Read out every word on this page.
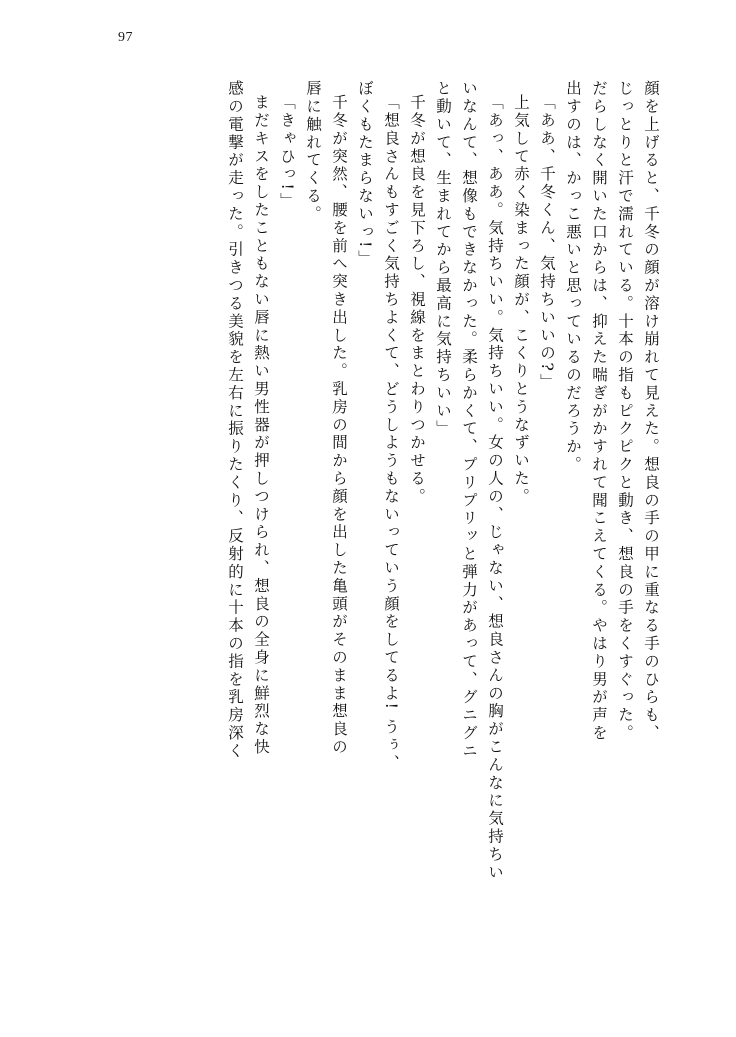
97
顔を上げると、千冬の顔が溶け崩れて見えた。想良の手の甲に重なる手のひらも、
じっとりと汗で濡れている。十本の指もピクピクと動き、想良の手をくすぐった。
だらしなく開いた口からは、抑えた喘ぎがかすれて聞こえてくる。やはり男が声を
出すのは、かっこ悪いと思っているのだろうか。
「ああ、千冬くん、気持ちいいの?」
上気して赤く染まった顔が、こくりとうなずいた。
「あっ、ああ。気持ちいい。気持ちいい。女の人の、じゃない、想良さんの胸がこんなに気持ちい
いなんて、想像もできなかった。柔らかくて、プリプリッと弾力があって、グニグニ
と動いて、生まれてから最高に気持ちいい」
千冬が想良を見下ろし、視線をまとわりつかせる。
「想良さんもすごく気持ちよくて、どうしようもないっていう顔をしてるよ! うぅ、
ぼくもたまらないっ!」
千冬が突然、腰を前へ突き出した。乳房の間から顔を出した亀頭がそのまま想良の
唇に触れてくる。
「きゃひっ!」
まだキスをしたこともない唇に熱い男性器が押しつけられ、想良の全身に鮮烈な快
感の電撃が走った。引きつる美貌を左右に振りたくり、反射的に十本の指を乳房深く
